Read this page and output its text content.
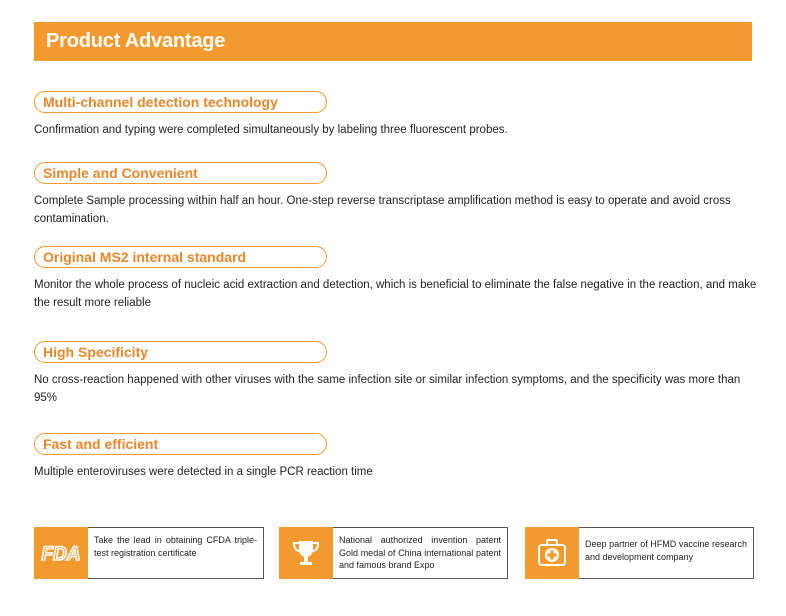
Product Advantage
Multi-channel detection technology
Confirmation and typing were completed simultaneously by labeling three fluorescent probes.
Simple and Convenient
Complete Sample processing within half an hour. One-step reverse transcriptase amplification method is easy to operate and avoid cross contamination.
Original MS2 internal standard
Monitor the whole process of nucleic acid extraction and detection, which is beneficial to eliminate the false negative in the reaction, and make the result more reliable
High Specificity
No cross-reaction happened with other viruses with the same infection site or similar infection symptoms, and the specificity was more than 95%
Fast and efficient
Multiple enteroviruses were detected in a single PCR reaction time
FDA
Take the lead in obtaining CFDA triple-test registration certificate
National authorized invention patent Gold medal of China international patent and famous brand Expo
Deep partner of HFMD vaccine research and development company
